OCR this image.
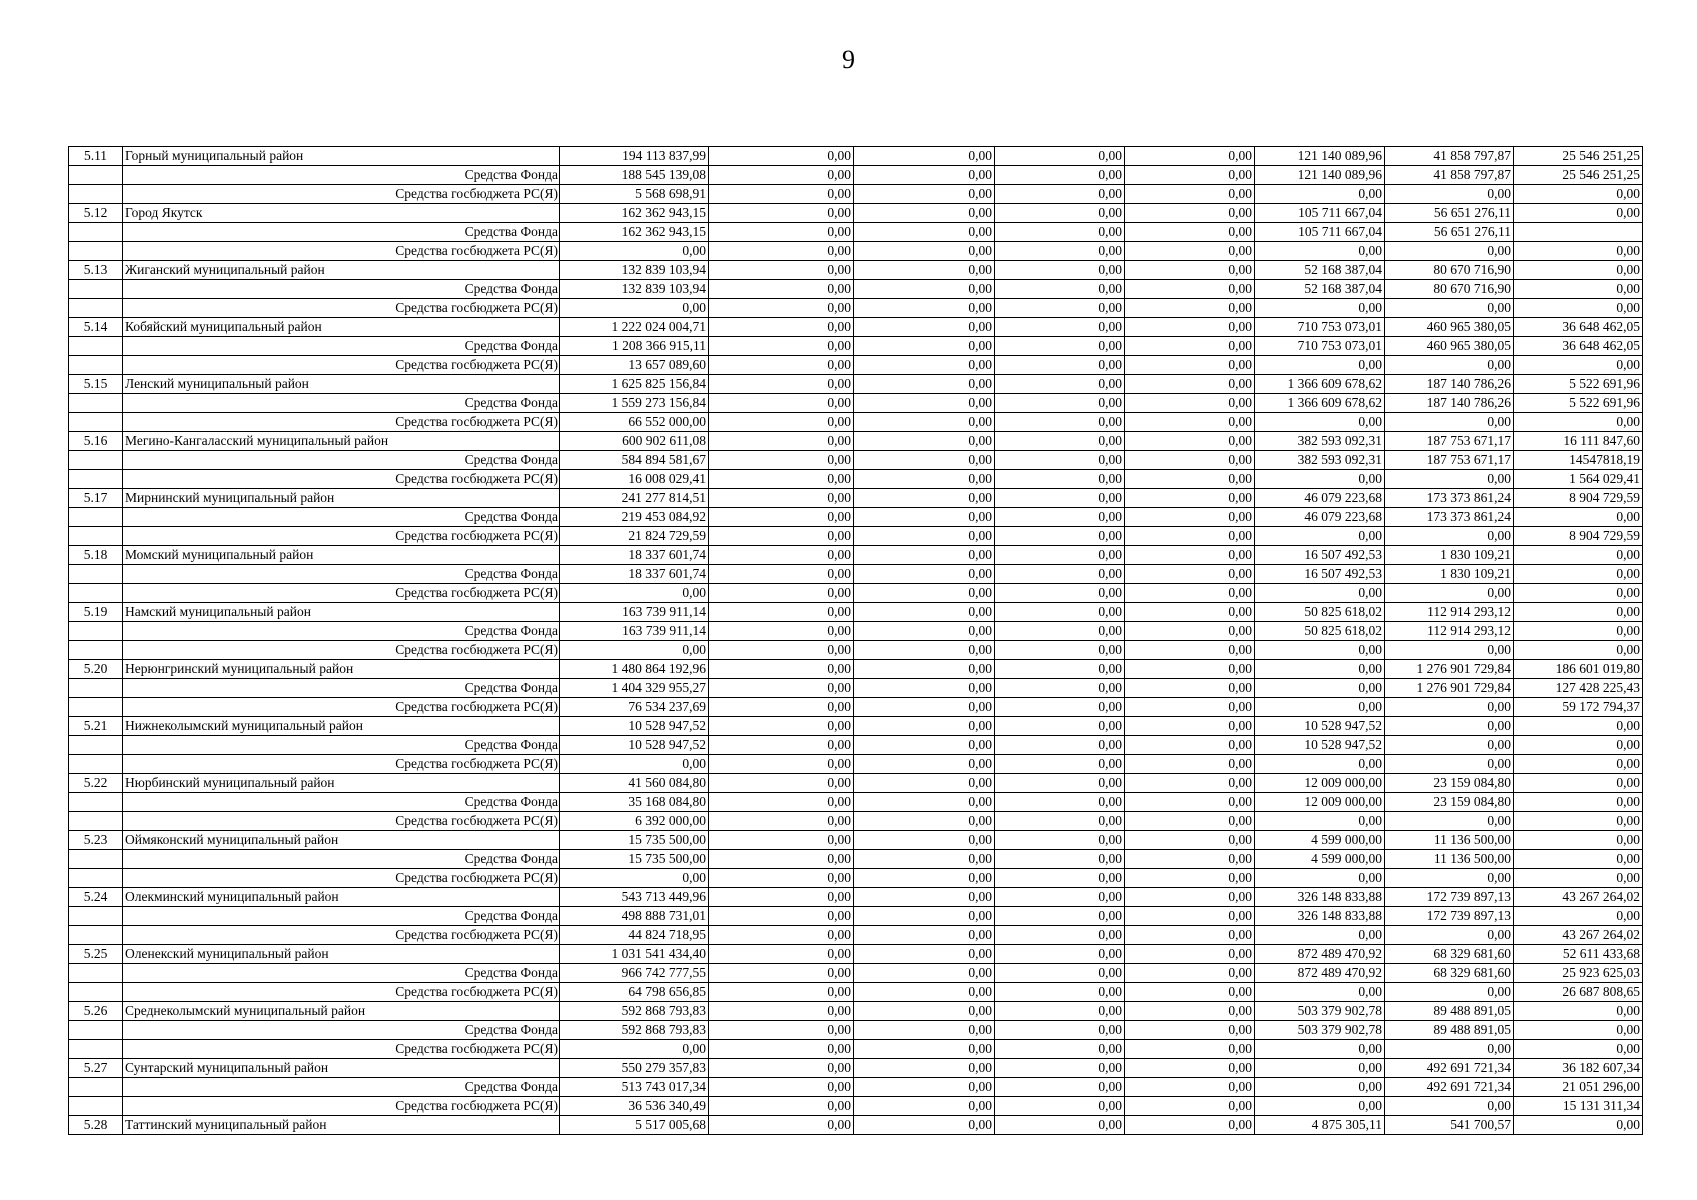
9
5.11	Горный муниципальный район	194 113 837,99	0,00	0,00	0,00	0,00	121 140 089,96	41 858 797,87	25 546 251,25
	Средства Фонда	188 545 139,08	0,00	0,00	0,00	0,00	121 140 089,96	41 858 797,87	25 546 251,25
	Средства госбюджета РС(Я)	5 568 698,91	0,00	0,00	0,00	0,00	0,00	0,00	0,00
5.12	Город Якутск	162 362 943,15	0,00	0,00	0,00	0,00	105 711 667,04	56 651 276,11	0,00
	Средства Фонда	162 362 943,15	0,00	0,00	0,00	0,00	105 711 667,04	56 651 276,11	
	Средства госбюджета РС(Я)	0,00	0,00	0,00	0,00	0,00	0,00	0,00	0,00
5.13	Жиганский муниципальный район	132 839 103,94	0,00	0,00	0,00	0,00	52 168 387,04	80 670 716,90	0,00
	Средства Фонда	132 839 103,94	0,00	0,00	0,00	0,00	52 168 387,04	80 670 716,90	0,00
	Средства госбюджета РС(Я)	0,00	0,00	0,00	0,00	0,00	0,00	0,00	0,00
5.14	Кобяйский муниципальный район	1 222 024 004,71	0,00	0,00	0,00	0,00	710 753 073,01	460 965 380,05	36 648 462,05
	Средства Фонда	1 208 366 915,11	0,00	0,00	0,00	0,00	710 753 073,01	460 965 380,05	36 648 462,05
	Средства госбюджета РС(Я)	13 657 089,60	0,00	0,00	0,00	0,00	0,00	0,00	0,00
5.15	Ленский муниципальный район	1 625 825 156,84	0,00	0,00	0,00	0,00	1 366 609 678,62	187 140 786,26	5 522 691,96
	Средства Фонда	1 559 273 156,84	0,00	0,00	0,00	0,00	1 366 609 678,62	187 140 786,26	5 522 691,96
	Средства госбюджета РС(Я)	66 552 000,00	0,00	0,00	0,00	0,00	0,00	0,00	0,00
5.16	Мегино-Кангаласский муниципальный район	600 902 611,08	0,00	0,00	0,00	0,00	382 593 092,31	187 753 671,17	16 111 847,60
	Средства Фонда	584 894 581,67	0,00	0,00	0,00	0,00	382 593 092,31	187 753 671,17	14547818,19
	Средства госбюджета РС(Я)	16 008 029,41	0,00	0,00	0,00	0,00	0,00	0,00	1 564 029,41
5.17	Мирнинский муниципальный район	241 277 814,51	0,00	0,00	0,00	0,00	46 079 223,68	173 373 861,24	8 904 729,59
	Средства Фонда	219 453 084,92	0,00	0,00	0,00	0,00	46 079 223,68	173 373 861,24	0,00
	Средства госбюджета РС(Я)	21 824 729,59	0,00	0,00	0,00	0,00	0,00	0,00	8 904 729,59
5.18	Момский муниципальный район	18 337 601,74	0,00	0,00	0,00	0,00	16 507 492,53	1 830 109,21	0,00
	Средства Фонда	18 337 601,74	0,00	0,00	0,00	0,00	16 507 492,53	1 830 109,21	0,00
	Средства госбюджета РС(Я)	0,00	0,00	0,00	0,00	0,00	0,00	0,00	0,00
5.19	Намский муниципальный район	163 739 911,14	0,00	0,00	0,00	0,00	50 825 618,02	112 914 293,12	0,00
	Средства Фонда	163 739 911,14	0,00	0,00	0,00	0,00	50 825 618,02	112 914 293,12	0,00
	Средства госбюджета РС(Я)	0,00	0,00	0,00	0,00	0,00	0,00	0,00	0,00
5.20	Нерюнгринский муниципальный район	1 480 864 192,96	0,00	0,00	0,00	0,00	0,00	1 276 901 729,84	186 601 019,80
	Средства Фонда	1 404 329 955,27	0,00	0,00	0,00	0,00	0,00	1 276 901 729,84	127 428 225,43
	Средства госбюджета РС(Я)	76 534 237,69	0,00	0,00	0,00	0,00	0,00	0,00	59 172 794,37
5.21	Нижнеколымский муниципальный район	10 528 947,52	0,00	0,00	0,00	0,00	10 528 947,52	0,00	0,00
	Средства Фонда	10 528 947,52	0,00	0,00	0,00	0,00	10 528 947,52	0,00	0,00
	Средства госбюджета РС(Я)	0,00	0,00	0,00	0,00	0,00	0,00	0,00	0,00
5.22	Нюрбинский муниципальный район	41 560 084,80	0,00	0,00	0,00	0,00	12 009 000,00	23 159 084,80	0,00
	Средства Фонда	35 168 084,80	0,00	0,00	0,00	0,00	12 009 000,00	23 159 084,80	0,00
	Средства госбюджета РС(Я)	6 392 000,00	0,00	0,00	0,00	0,00	0,00	0,00	0,00
5.23	Оймяконский муниципальный район	15 735 500,00	0,00	0,00	0,00	0,00	4 599 000,00	11 136 500,00	0,00
	Средства Фонда	15 735 500,00	0,00	0,00	0,00	0,00	4 599 000,00	11 136 500,00	0,00
	Средства госбюджета РС(Я)	0,00	0,00	0,00	0,00	0,00	0,00	0,00	0,00
5.24	Олекминский муниципальный район	543 713 449,96	0,00	0,00	0,00	0,00	326 148 833,88	172 739 897,13	43 267 264,02
	Средства Фонда	498 888 731,01	0,00	0,00	0,00	0,00	326 148 833,88	172 739 897,13	0,00
	Средства госбюджета РС(Я)	44 824 718,95	0,00	0,00	0,00	0,00	0,00	0,00	43 267 264,02
5.25	Оленекский муниципальный район	1 031 541 434,40	0,00	0,00	0,00	0,00	872 489 470,92	68 329 681,60	52 611 433,68
	Средства Фонда	966 742 777,55	0,00	0,00	0,00	0,00	872 489 470,92	68 329 681,60	25 923 625,03
	Средства госбюджета РС(Я)	64 798 656,85	0,00	0,00	0,00	0,00	0,00	0,00	26 687 808,65
5.26	Среднеколымский муниципальный район	592 868 793,83	0,00	0,00	0,00	0,00	503 379 902,78	89 488 891,05	0,00
	Средства Фонда	592 868 793,83	0,00	0,00	0,00	0,00	503 379 902,78	89 488 891,05	0,00
	Средства госбюджета РС(Я)	0,00	0,00	0,00	0,00	0,00	0,00	0,00	0,00
5.27	Сунтарский муниципальный район	550 279 357,83	0,00	0,00	0,00	0,00	0,00	492 691 721,34	36 182 607,34
	Средства Фонда	513 743 017,34	0,00	0,00	0,00	0,00	0,00	492 691 721,34	21 051 296,00
	Средства госбюджета РС(Я)	36 536 340,49	0,00	0,00	0,00	0,00	0,00	0,00	15 131 311,34
5.28	Таттинский муниципальный район	5 517 005,68	0,00	0,00	0,00	0,00	4 875 305,11	541 700,57	0,00
